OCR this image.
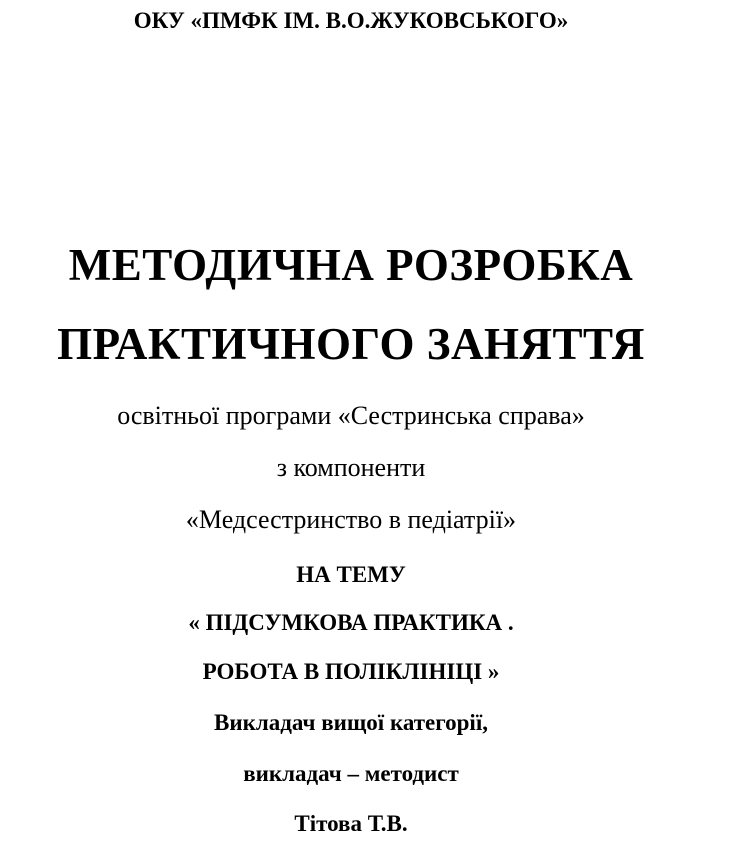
ОКУ «ПМФК ІМ. В.О.ЖУКОВСЬКОГО»
МЕТОДИЧНА РОЗРОБКА
ПРАКТИЧНОГО ЗАНЯТТЯ
освітньої програми «Сестринська справа»
з компоненти
«Медсестринство в педіатрії»
НА ТЕМУ
« ПІДСУМКОВА ПРАКТИКА .
РОБОТА В ПОЛІКЛІНІЦІ »
Викладач вищої категорії,
викладач – методист
Тітова Т.В.
